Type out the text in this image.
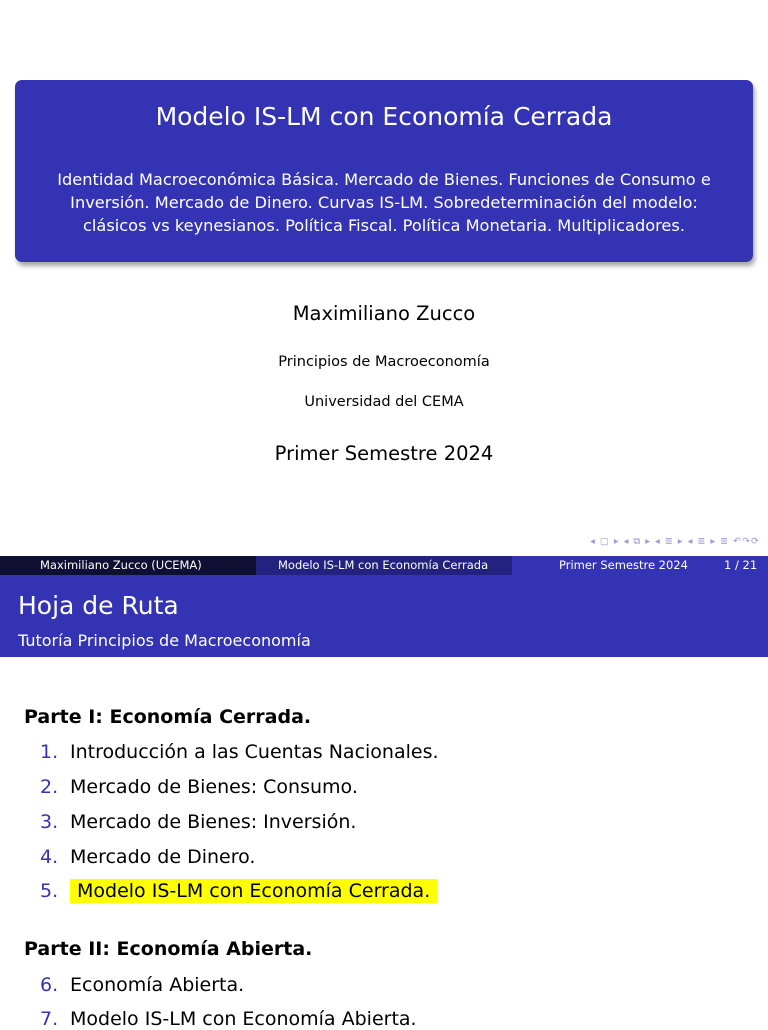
Modelo IS-LM con Economía Cerrada
Identidad Macroeconómica Básica. Mercado de Bienes. Funciones de Consumo e
Inversión. Mercado de Dinero. Curvas IS-LM. Sobredeterminación del modelo:
clásicos vs keynesianos. Política Fiscal. Política Monetaria. Multiplicadores.
Maximiliano Zucco
Principios de Macroeconomía
Universidad del CEMA
Primer Semestre 2024
◂ ▢ ▸ ◂ ⧉ ▸ ◂ ≣ ▸ ◂ ≣ ▸ ≣ ↶↷⟳
Maximiliano Zucco (UCEMA)	Modelo IS-LM con Economía Cerrada	Primer Semestre 2024	1 / 21
Hoja de Ruta
Tutoría Principios de Macroeconomía
Parte I: Economía Cerrada.
1. Introducción a las Cuentas Nacionales.
2. Mercado de Bienes: Consumo.
3. Mercado de Bienes: Inversión.
4. Mercado de Dinero.
5. Modelo IS-LM con Economía Cerrada.
Parte II: Economía Abierta.
6. Economía Abierta.
7. Modelo IS-LM con Economía Abierta.
